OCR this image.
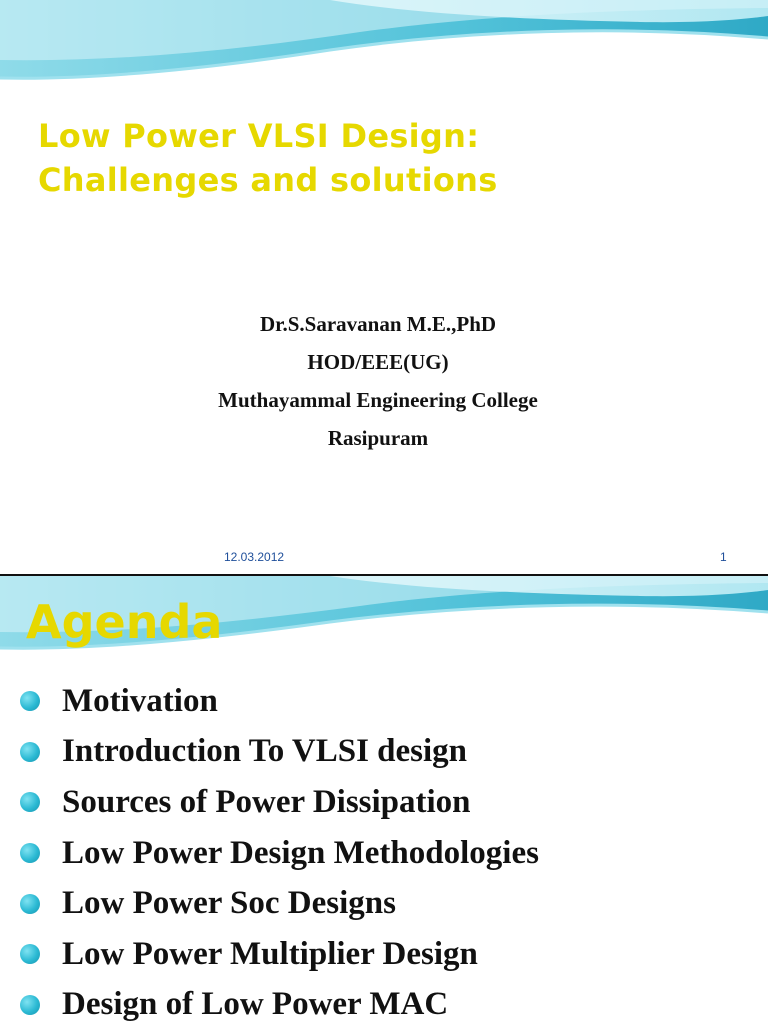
Low Power VLSI Design:
Challenges and solutions
Dr.S.Saravanan M.E.,PhD
HOD/EEE(UG)
Muthayammal Engineering College
Rasipuram
12.03.2012	1
Agenda
Motivation
Introduction To VLSI design
Sources of Power Dissipation
Low Power Design Methodologies
Low Power Soc Designs
Low Power Multiplier Design
Design of Low Power MAC
